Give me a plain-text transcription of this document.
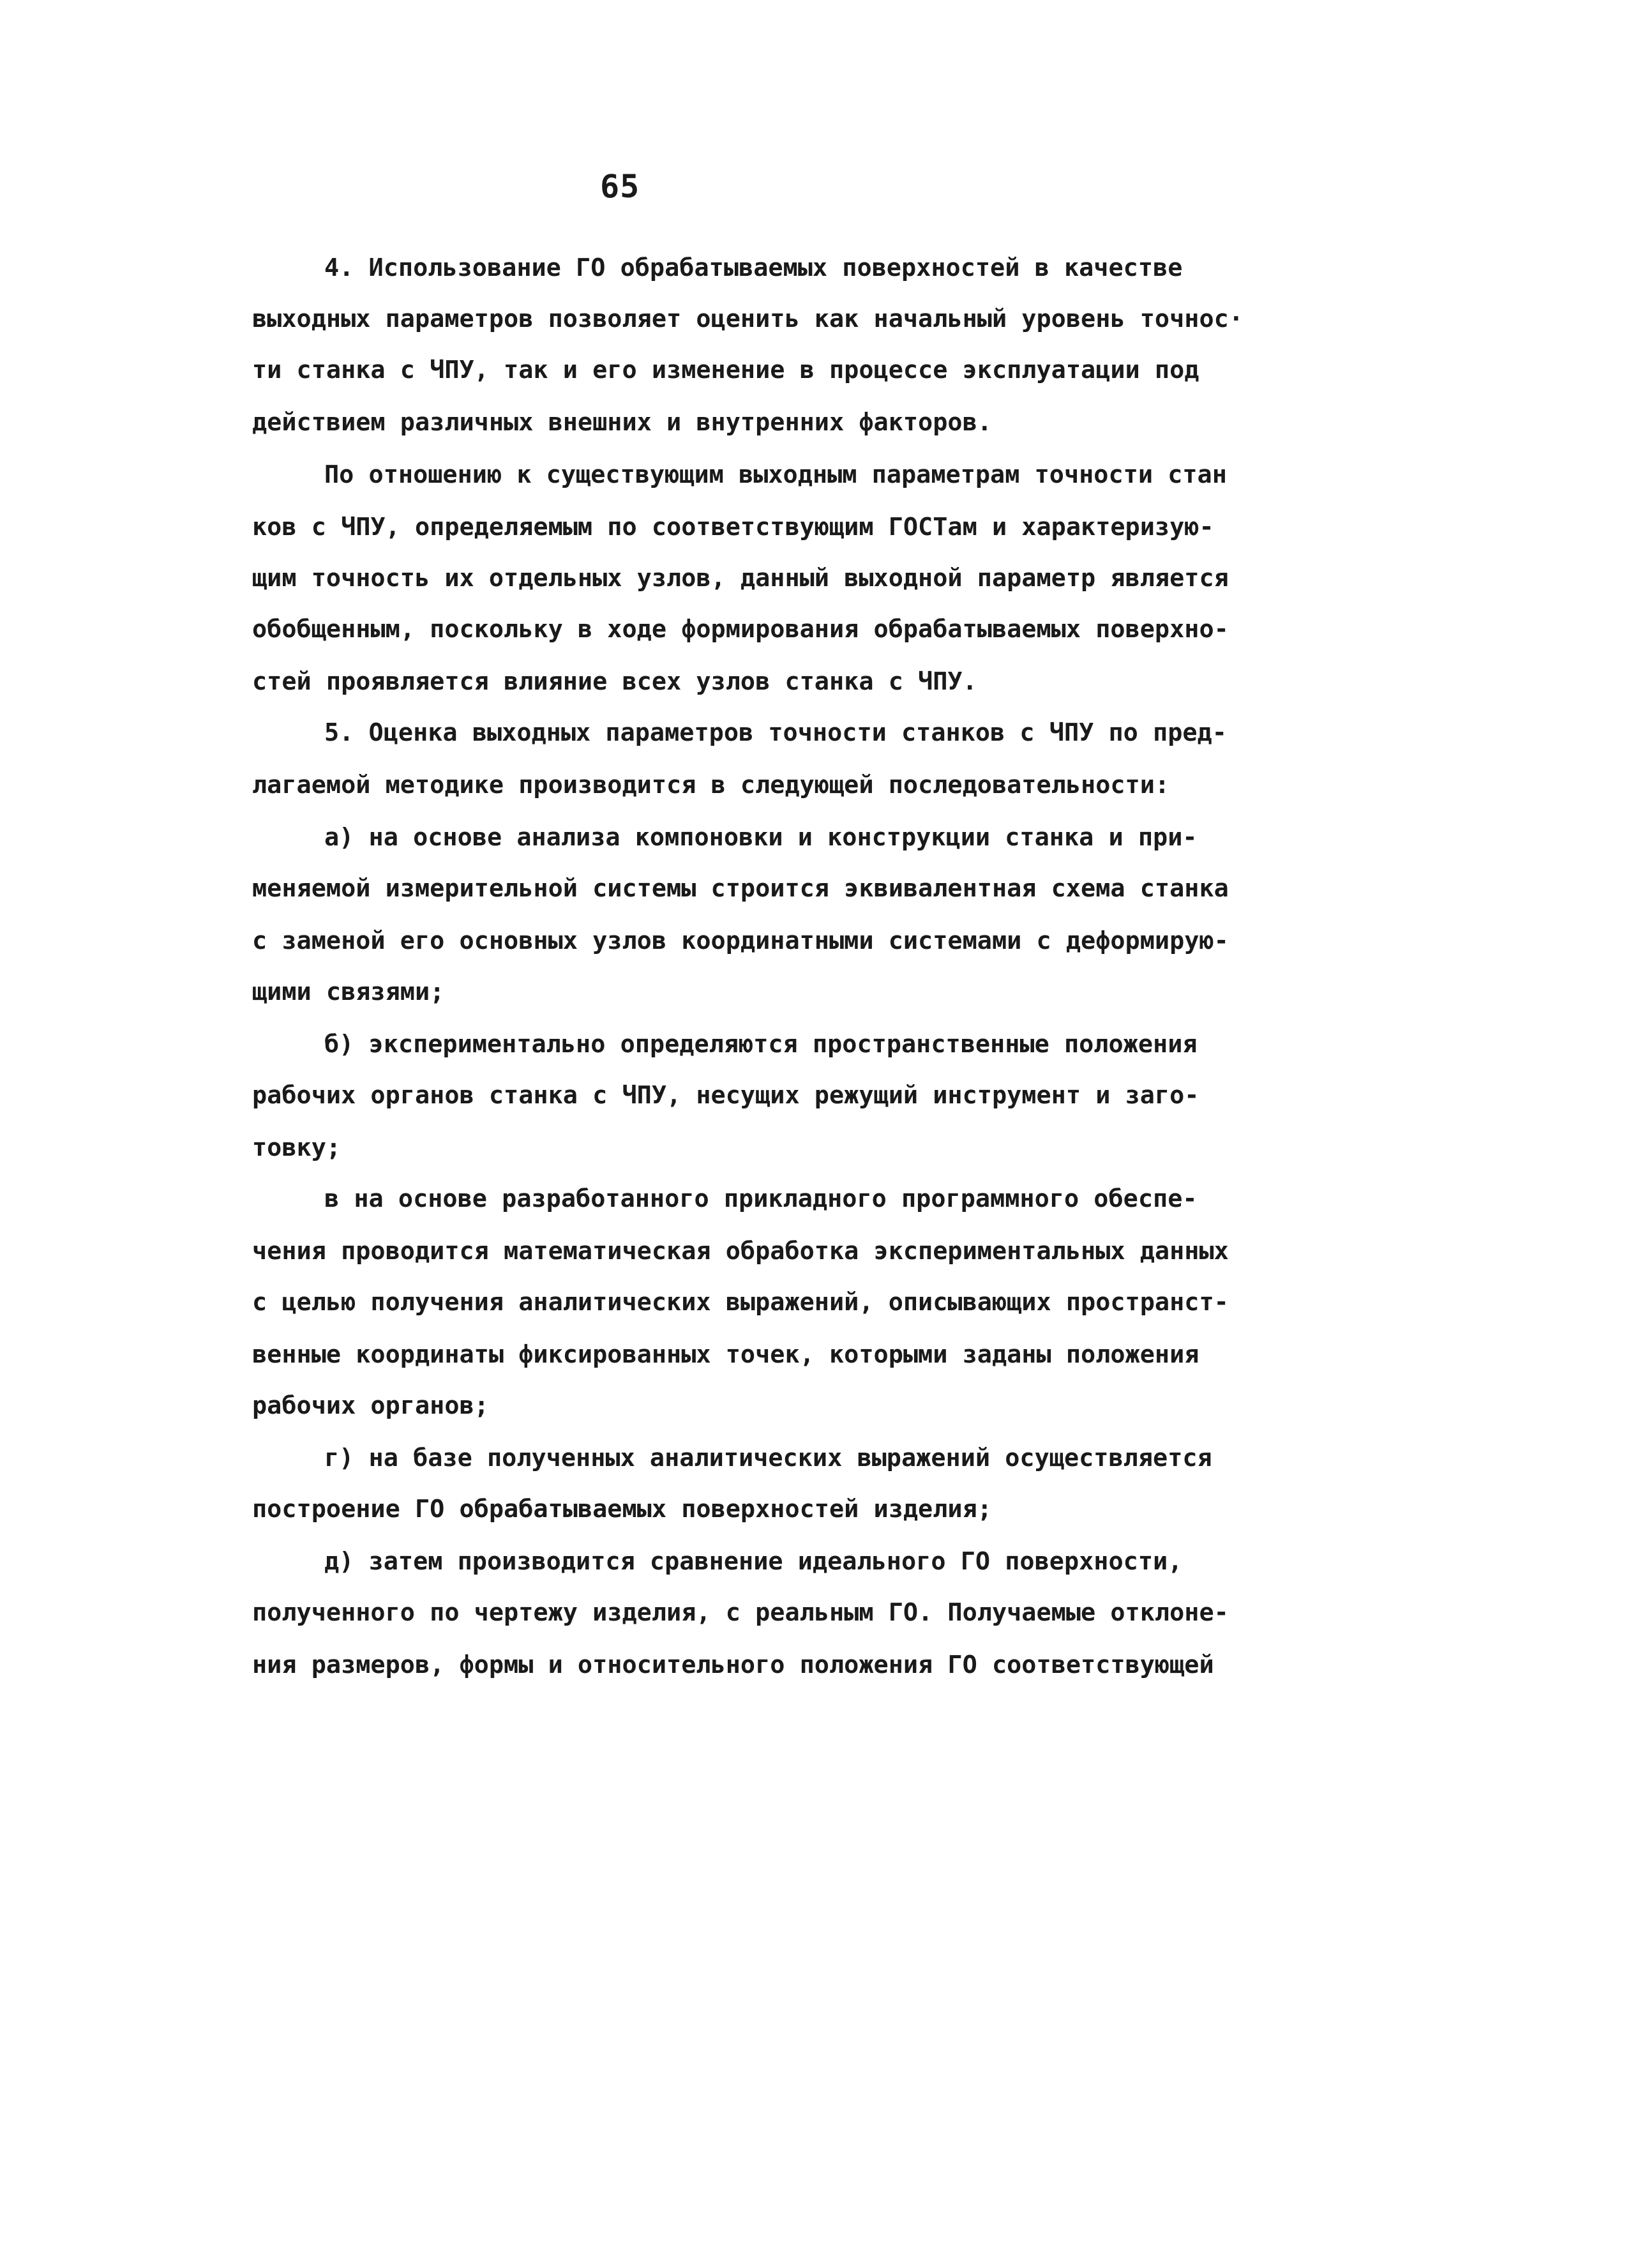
65
4. Использование ГО обрабатываемых поверхностей в качестве
выходных параметров позволяет оценить как начальный уровень точнос·
ти станка с ЧПУ, так и его изменение в процессе эксплуатации под
действием различных внешних и внутренних факторов.
По отношению к существующим выходным параметрам точности стан
ков с ЧПУ, определяемым по соответствующим ГОСТам и характеризую-
щим точность их отдельных узлов, данный выходной параметр является
обобщенным, поскольку в ходе формирования обрабатываемых поверхно-
стей проявляется влияние всех узлов станка с ЧПУ.
5. Оценка выходных параметров точности станков с ЧПУ по пред-
лагаемой методике производится в следующей последовательности:
а) на основе анализа компоновки и конструкции станка и при-
меняемой измерительной системы строится эквивалентная схема станка
с заменой его основных узлов координатными системами с деформирую-
щими связями;
б) экспериментально определяются пространственные положения
рабочих органов станка с ЧПУ, несущих режущий инструмент и заго-
товку;
в на основе разработанного прикладного программного обеспе-
чения проводится математическая обработка экспериментальных данных
с целью получения аналитических выражений, описывающих пространст-
венные координаты фиксированных точек, которыми заданы положения
рабочих органов;
г) на базе полученных аналитических выражений осуществляется
построение ГО обрабатываемых поверхностей изделия;
д) затем производится сравнение идеального ГО поверхности,
полученного по чертежу изделия, с реальным ГО. Получаемые отклоне-
ния размеров, формы и относительного положения ГО соответствующей
